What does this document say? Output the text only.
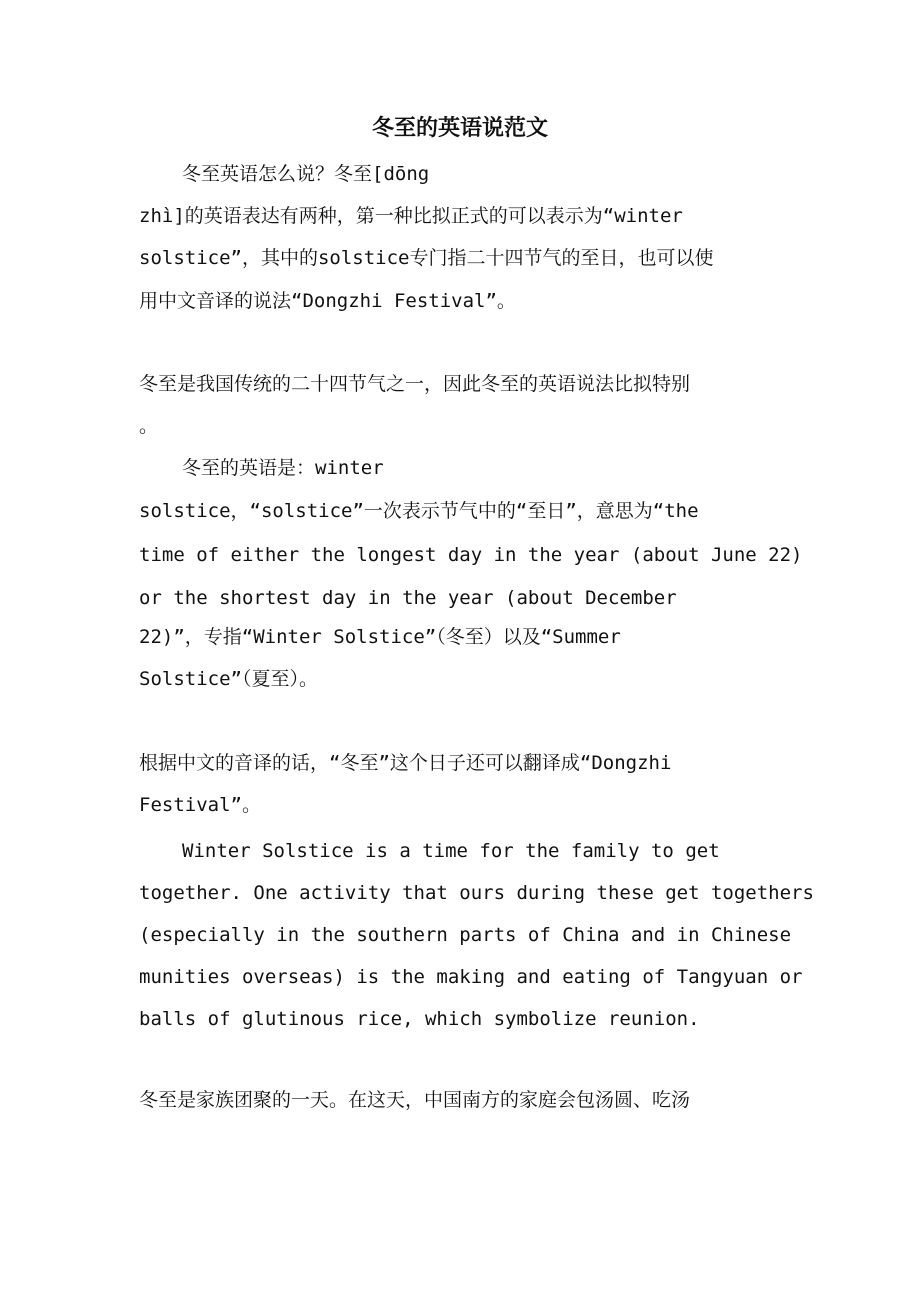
冬至的英语说范文
冬至英语怎么说？冬至[dōng
zhì]的英语表达有两种，第一种比拟正式的可以表示为“winter
solstice”，其中的solstice专门指二十四节气的至日，也可以使
用中文音译的说法“Dongzhi Festival”。
冬至是我国传统的二十四节气之一，因此冬至的英语说法比拟特别
。
冬至的英语是：winter
solstice，“solstice”一次表示节气中的“至日”，意思为“the
time of either the longest day in the year (about June 22)
or the shortest day in the year (about December
22)”，专指“Winter Solstice”（冬至）以及“Summer
Solstice”（夏至）。
根据中文的音译的话，“冬至”这个日子还可以翻译成“Dongzhi
Festival”。
Winter Solstice is a time for the family to get
together. One activity that ours during these get togethers
(especially in the southern parts of China and in Chinese
munities overseas) is the making and eating of Tangyuan or
balls of glutinous rice, which symbolize reunion.
冬至是家族团聚的一天。在这天，中国南方的家庭会包汤圆、吃汤
